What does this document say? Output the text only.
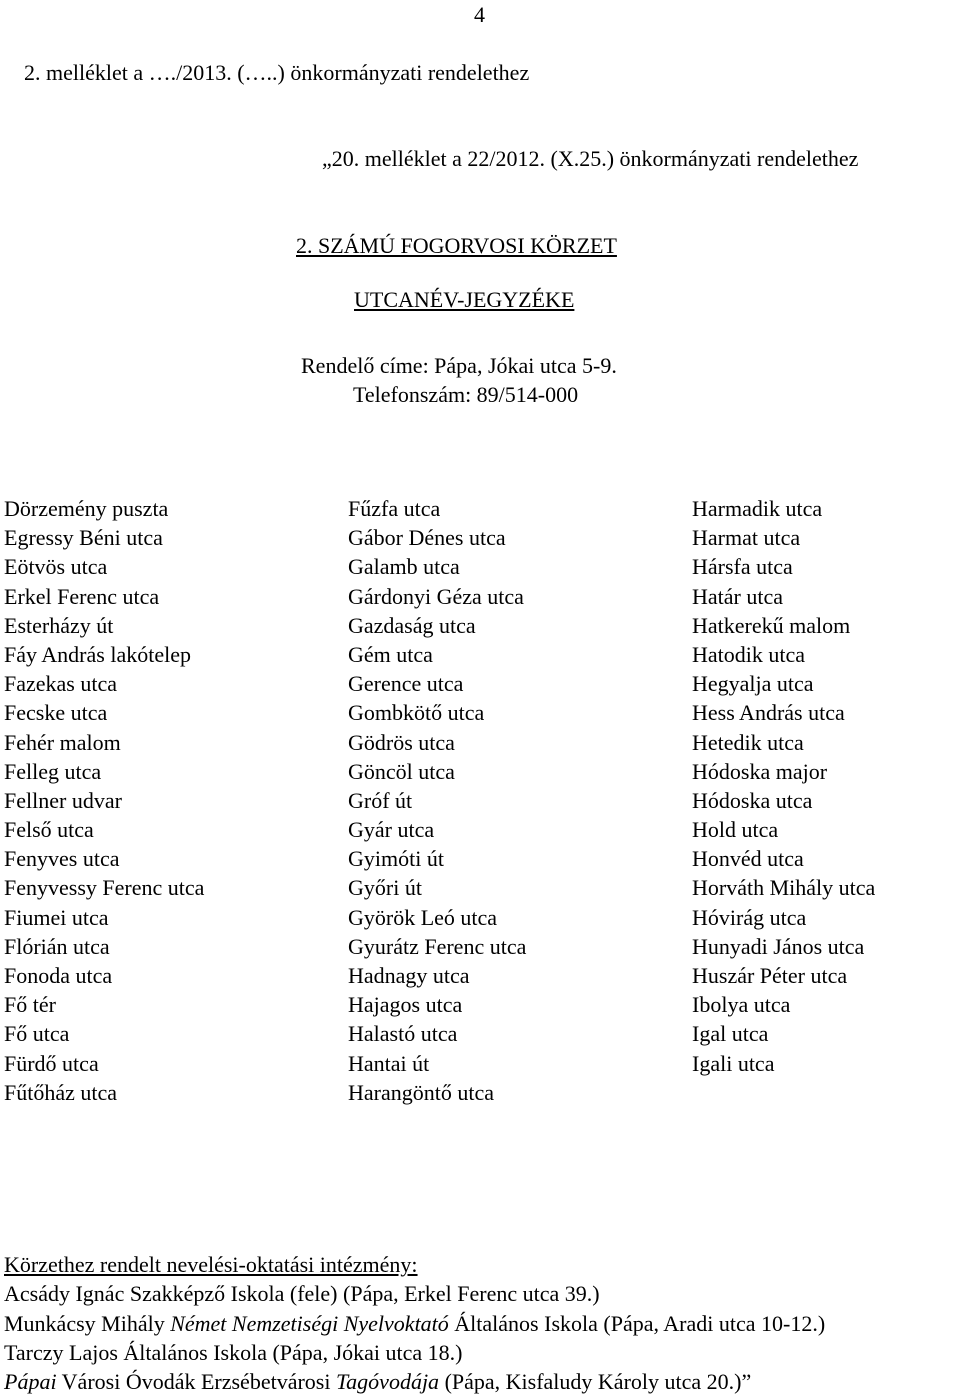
4
2. melléklet a …./2013. (…..) önkormányzati rendelethez
„20. melléklet a 22/2012. (X.25.) önkormányzati rendelethez
2. SZÁMÚ FOGORVOSI KÖRZET
UTCANÉV-JEGYZÉKE
Rendelő címe: Pápa, Jókai utca 5-9.
Telefonszám: 89/514-000
Dörzemény puszta
Egressy Béni utca
Eötvös utca
Erkel Ferenc utca
Esterházy út
Fáy András lakótelep
Fazekas utca
Fecske utca
Fehér malom
Felleg utca
Fellner udvar
Felső utca
Fenyves utca
Fenyvessy Ferenc utca
Fiumei utca
Flórián utca
Fonoda utca
Fő tér
Fő utca
Fürdő utca
Fűtőház utca
Fűzfa utca
Gábor Dénes utca
Galamb utca
Gárdonyi Géza utca
Gazdaság utca
Gém utca
Gerence utca
Gombkötő utca
Gödrös utca
Göncöl utca
Gróf út
Gyár utca
Gyimóti út
Győri út
Györök Leó utca
Gyurátz Ferenc utca
Hadnagy utca
Hajagos utca
Halastó utca
Hantai út
Harangöntő utca
Harmadik utca
Harmat utca
Hársfa utca
Határ utca
Hatkerekű malom
Hatodik utca
Hegyalja utca
Hess András utca
Hetedik utca
Hódoska major
Hódoska utca
Hold utca
Honvéd utca
Horváth Mihály utca
Hóvirág utca
Hunyadi János utca
Huszár Péter utca
Ibolya utca
Igal utca
Igali utca
Körzethez rendelt nevelési-oktatási intézmény:
Acsády Ignác Szakképző Iskola (fele) (Pápa, Erkel Ferenc utca 39.)
Munkácsy Mihály Német Nemzetiségi Nyelvoktató Általános Iskola (Pápa, Aradi utca 10-12.)
Tarczy Lajos Általános Iskola (Pápa, Jókai utca 18.)
Pápai Városi Óvodák Erzsébetvárosi Tagóvodája (Pápa, Kisfaludy Károly utca 20.)”
